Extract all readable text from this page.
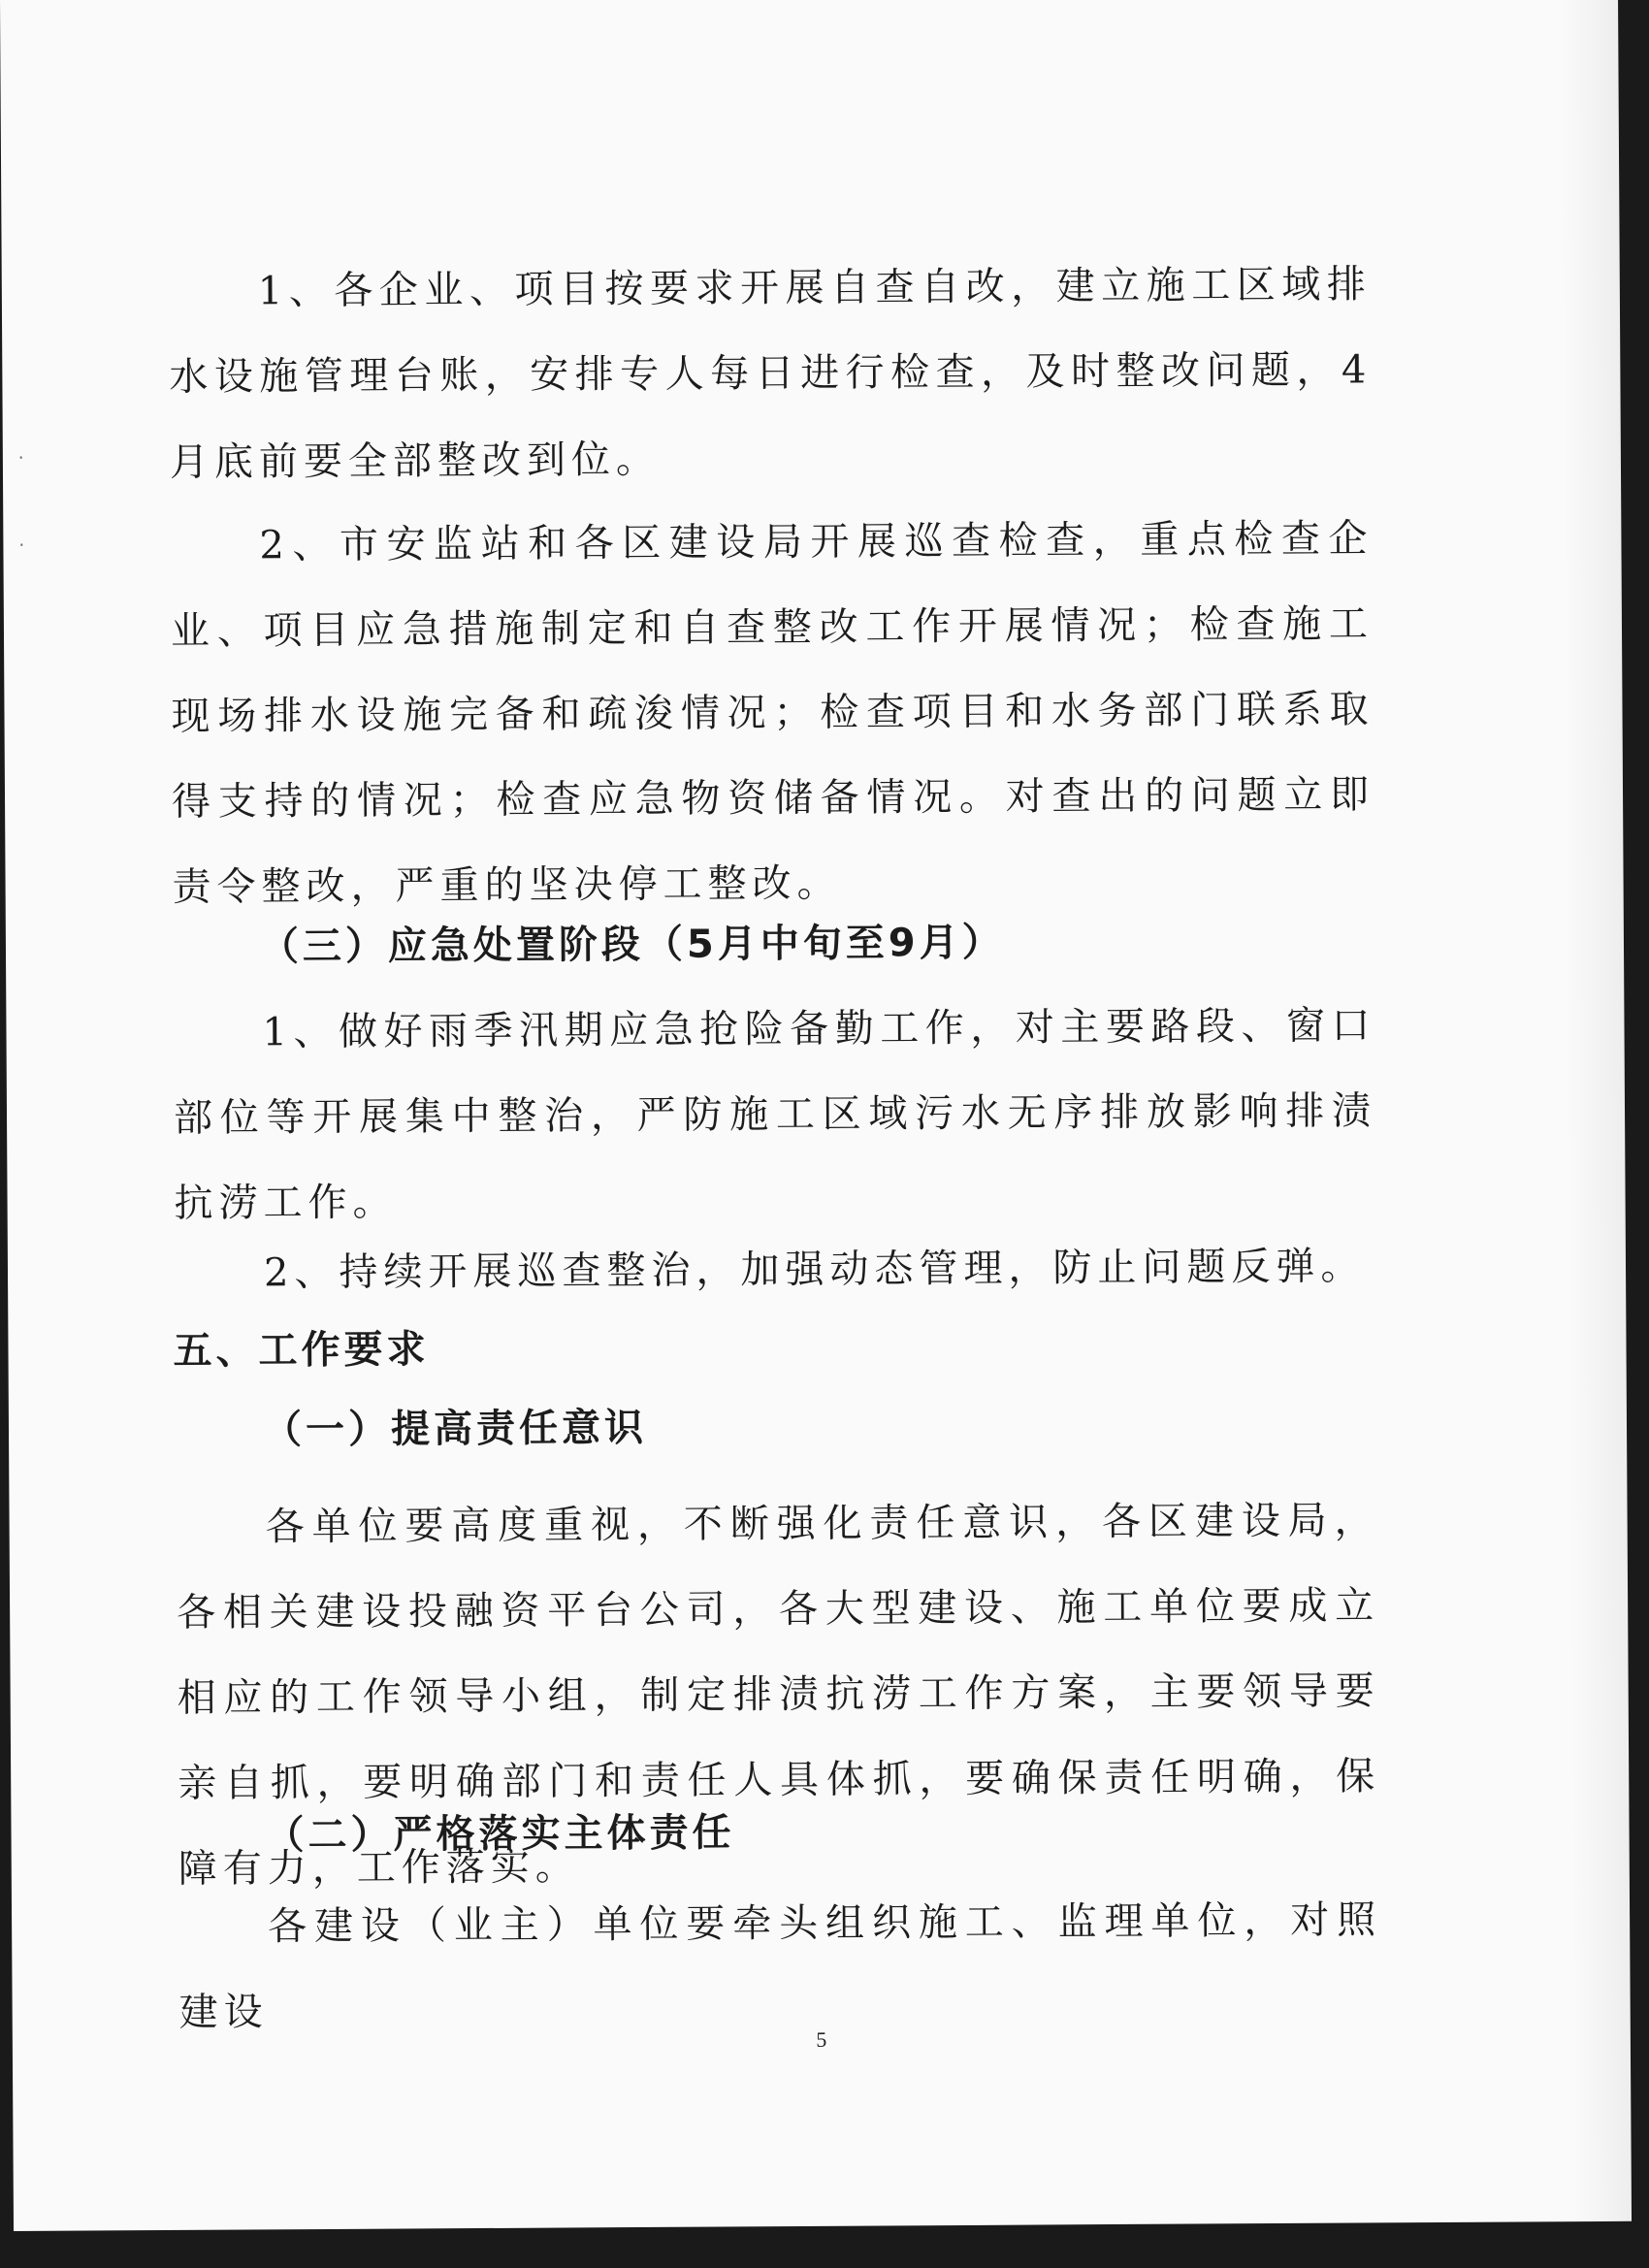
·
·

1、各企业、项目按要求开展自查自改，建立施工区域排水设施管理台账，安排专人每日进行检查，及时整改问题，4月底前要全部整改到位。

2、市安监站和各区建设局开展巡查检查，重点检查企业、项目应急措施制定和自查整改工作开展情况；检查施工现场排水设施完备和疏浚情况；检查项目和水务部门联系取得支持的情况；检查应急物资储备情况。对查出的问题立即责令整改，严重的坚决停工整改。

（三）应急处置阶段（5月中旬至9月）

1、做好雨季汛期应急抢险备勤工作，对主要路段、窗口部位等开展集中整治，严防施工区域污水无序排放影响排渍抗涝工作。

2、持续开展巡查整治，加强动态管理，防止问题反弹。

五、工作要求

（一）提高责任意识

各单位要高度重视，不断强化责任意识，各区建设局，各相关建设投融资平台公司，各大型建设、施工单位要成立相应的工作领导小组，制定排渍抗涝工作方案，主要领导要亲自抓，要明确部门和责任人具体抓，要确保责任明确，保障有力，工作落实。

（二）严格落实主体责任

各建设（业主）单位要牵头组织施工、监理单位，对照建设

5
